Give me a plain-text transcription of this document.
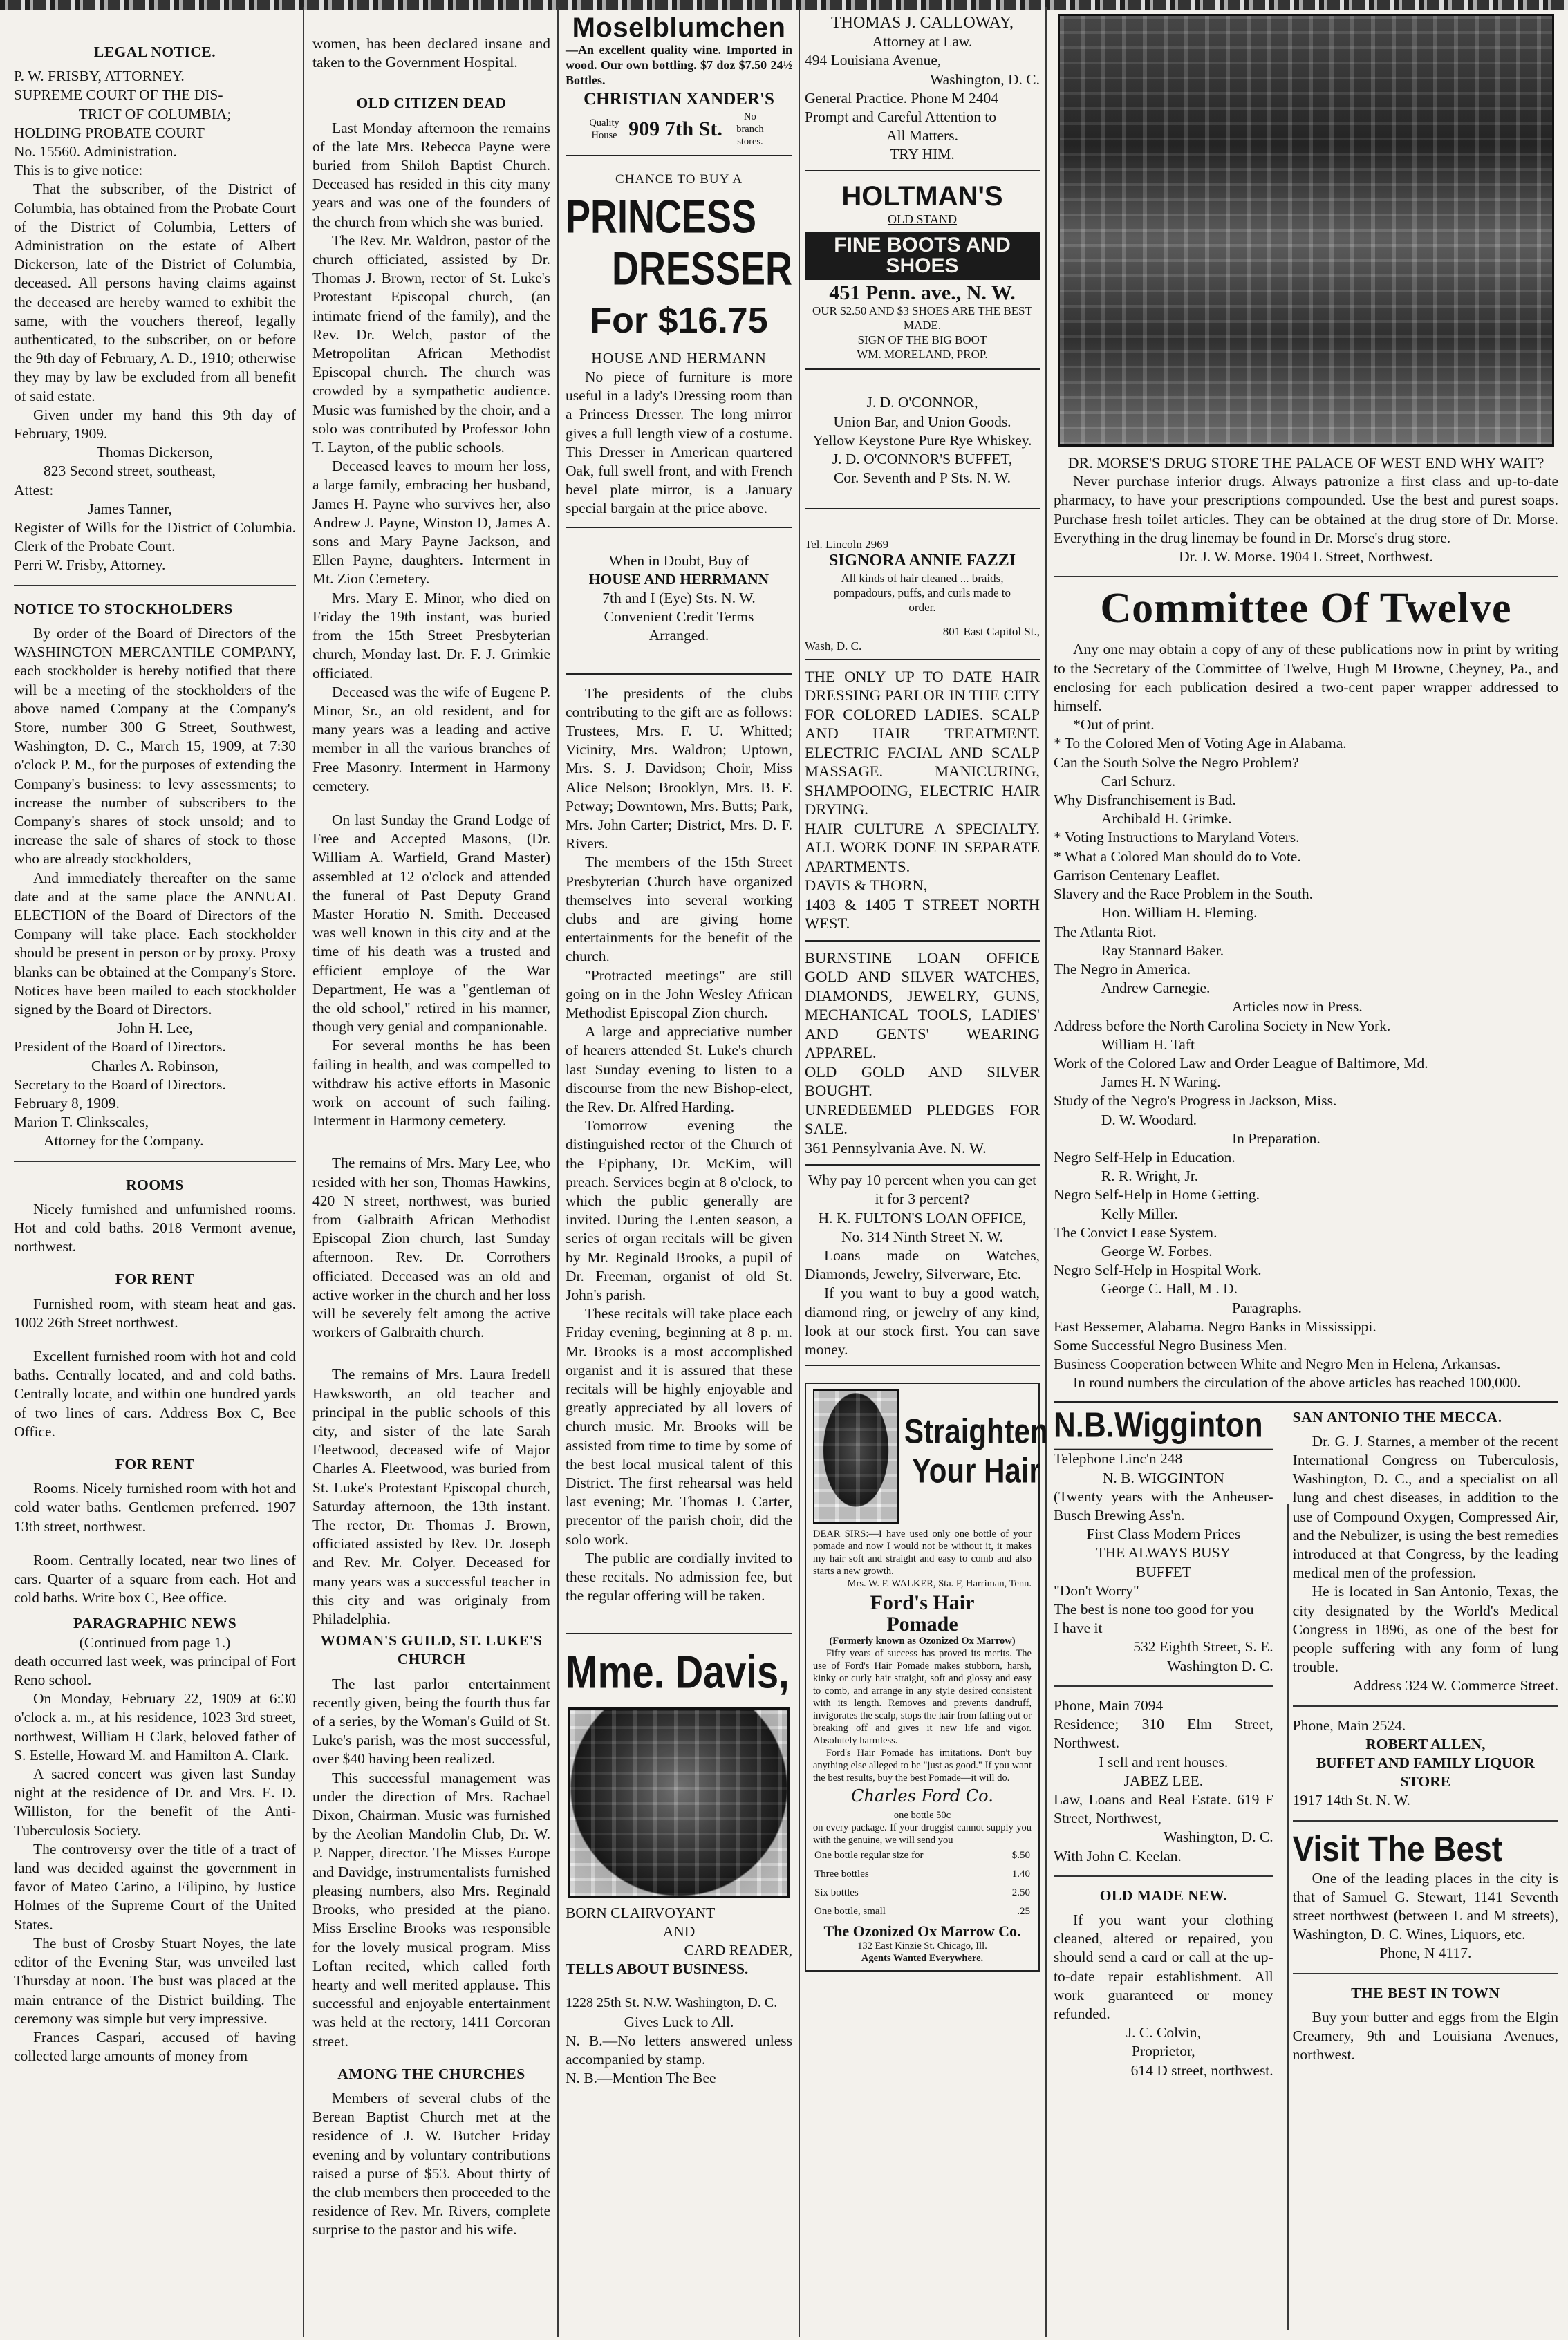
LEGAL NOTICE.

P. W. FRISBY, ATTORNEY.

SUPREME COURT OF THE DIS-

TRICT OF COLUMBIA;

HOLDING PROBATE COURT

No. 15560. Administration.

This is to give notice:

That the subscriber, of the District of Columbia, has obtained from the Probate Court of the District of Columbia, Letters of Administration on the estate of Albert Dickerson, late of the District of Columbia, deceased. All persons having claims against the deceased are hereby warned to exhibit the same, with the vouchers thereof, legally authenticated, to the subscriber, on or before the 9th day of February, A. D., 1910; otherwise they may by law be excluded from all benefit of said estate.

Given under my hand this 9th day of February, 1909.

Thomas Dickerson,

823 Second street, southeast,

Attest:

James Tanner,

Register of Wills for the District of Columbia. Clerk of the Probate Court.

Perri W. Frisby, Attorney.

NOTICE TO STOCKHOLDERS

By order of the Board of Directors of the WASHINGTON MERCANTILE COMPANY, each stockholder is hereby notified that there will be a meeting of the stockholders of the above named Company at the Company's Store, number 300 G Street, Southwest, Washington, D. C., March 15, 1909, at 7:30 o'clock P. M., for the purposes of extending the Company's business: to levy assessments; to increase the number of subscribers to the Company's shares of stock unsold; and to increase the sale of shares of stock to those who are already stockholders,

And immediately thereafter on the same date and at the same place the ANNUAL ELECTION of the Board of Directors of the Company will take place. Each stockholder should be present in person or by proxy. Proxy blanks can be obtained at the Company's Store. Notices have been mailed to each stockholder signed by the Board of Directors.

John H. Lee,

President of the Board of Directors.

Charles A. Robinson,

Secretary to the Board of Directors.

February 8, 1909.

Marion T. Clinkscales,

Attorney for the Company.

ROOMS

Nicely furnished and unfurnished rooms. Hot and cold baths. 2018 Vermont avenue, northwest.

FOR RENT

Furnished room, with steam heat and gas. 1002 26th Street northwest.

Excellent furnished room with hot and cold baths. Centrally located, and and cold baths. Centrally locate, and within one hundred yards of two lines of cars. Address Box C, Bee Office.

FOR RENT

Rooms. Nicely furnished room with hot and cold water baths. Gentlemen preferred. 1907 13th street, northwest.

Room. Centrally located, near two lines of cars. Quarter of a square from each. Hot and cold baths. Write box C, Bee office.

PARAGRAPHIC NEWS

(Continued from page 1.)

death occurred last week, was principal of Fort Reno school.

On Monday, February 22, 1909 at 6:30 o'clock a. m., at his residence, 1023 3rd street, northwest, William H Clark, beloved father of S. Estelle, Howard M. and Hamilton A. Clark.

A sacred concert was given last Sunday night at the residence of Dr. and Mrs. E. D. Williston, for the benefit of the Anti-Tuberculosis Society.

The controversy over the title of a tract of land was decided against the government in favor of Mateo Carino, a Filipino, by Justice Holmes of the Supreme Court of the United States.

The bust of Crosby Stuart Noyes, the late editor of the Evening Star, was unveiled last Thursday at noon. The bust was placed at the main entrance of the District building. The ceremony was simple but very impressive.

Frances Caspari, accused of having collected large amounts of money from

women, has been declared insane and taken to the Government Hospital.

OLD CITIZEN DEAD

Last Monday afternoon the remains of the late Mrs. Rebecca Payne were buried from Shiloh Baptist Church. Deceased has resided in this city many years and was one of the founders of the church from which she was buried.

The Rev. Mr. Waldron, pastor of the church officiated, assisted by Dr. Thomas J. Brown, rector of St. Luke's Protestant Episcopal church, (an intimate friend of the family), and the Rev. Dr. Welch, pastor of the Metropolitan African Methodist Episcopal church. The church was crowded by a sympathetic audience. Music was furnished by the choir, and a solo was contributed by Professor John T. Layton, of the public schools.

Deceased leaves to mourn her loss, a large family, embracing her husband, James H. Payne who survives her, also Andrew J. Payne, Winston D, James A. sons and Mary Payne Jackson, and Ellen Payne, daughters. Interment in Mt. Zion Cemetery.

Mrs. Mary E. Minor, who died on Friday the 19th instant, was buried from the 15th Street Presbyterian church, Monday last. Dr. F. J. Grimkie officiated.

Deceased was the wife of Eugene P. Minor, Sr., an old resident, and for many years was a leading and active member in all the various branches of Free Masonry. Interment in Harmony cemetery.

On last Sunday the Grand Lodge of Free and Accepted Masons, (Dr. William A. Warfield, Grand Master) assembled at 12 o'clock and attended the funeral of Past Deputy Grand Master Horatio N. Smith. Deceased was well known in this city and at the time of his death was a trusted and efficient employe of the War Department, He was a "gentleman of the old school," retired in his manner, though very genial and companionable.

For several months he has been failing in health, and was compelled to withdraw his active efforts in Masonic work on account of such failing. Interment in Harmony cemetery.

The remains of Mrs. Mary Lee, who resided with her son, Thomas Hawkins, 420 N street, northwest, was buried from Galbraith African Methodist Episcopal Zion church, last Sunday afternoon. Rev. Dr. Corrothers officiated. Deceased was an old and active worker in the church and her loss will be severely felt among the active workers of Galbraith church.

The remains of Mrs. Laura Iredell Hawksworth, an old teacher and principal in the public schools of this city, and sister of the late Sarah Fleetwood, deceased wife of Major Charles A. Fleetwood, was buried from St. Luke's Protestant Episcopal church, Saturday afternoon, the 13th instant. The rector, Dr. Thomas J. Brown, officiated assisted by Rev. Dr. Joseph and Rev. Mr. Colyer. Deceased for many years was a successful teacher in this city and was originaly from Philadelphia.

WOMAN'S GUILD, ST. LUKE'S CHURCH

The last parlor entertainment recently given, being the fourth thus far of a series, by the Woman's Guild of St. Luke's parish, was the most successful, over $40 having been realized.

This successful management was under the direction of Mrs. Rachael Dixon, Chairman. Music was furnished by the Aeolian Mandolin Club, Dr. W. P. Napper, director. The Misses Europe and Davidge, instrumentalists furnished pleasing numbers, also Mrs. Reginald Brooks, who presided at the piano. Miss Erseline Brooks was responsible for the lovely musical program. Miss Loftan recited, which called forth hearty and well merited applause. This successful and enjoyable entertainment was held at the rectory, 1411 Corcoran street.

AMONG THE CHURCHES

Members of several clubs of the Berean Baptist Church met at the residence of J. W. Butcher Friday evening and by voluntary contributions raised a purse of $53. About thirty of the club members then proceeded to the residence of Rev. Mr. Rivers, complete surprise to the pastor and his wife.

Moselblumchen

—An excellent quality wine. Imported in wood. Our own bottling. $7 doz $7.50 24½ Bottles.

CHRISTIAN XANDER'S
Quality House 909 7th St.
No branch stores.

CHANCE TO BUY A

PRINCESS
DRESSER
For $16.75

HOUSE AND HERMANN

No piece of furniture is more useful in a lady's Dressing room than a Princess Dresser. The long mirror gives a full length view of a costume. This Dresser in American quartered Oak, full swell front, and with French bevel plate mirror, is a January special bargain at the price above.

When in Doubt, Buy of

HOUSE AND HERRMANN

7th and I (Eye) Sts. N. W.

Convenient Credit Terms

Arranged.

The presidents of the clubs contributing to the gift are as follows: Trustees, Mrs. F. U. Whitted; Vicinity, Mrs. Waldron; Uptown, Mrs. S. J. Davidson; Choir, Miss Alice Nelson; Brooklyn, Mrs. B. F. Petway; Downtown, Mrs. Butts; Park, Mrs. John Carter; District, Mrs. D. F. Rivers.

The members of the 15th Street Presbyterian Church have organized themselves into several working clubs and are giving home entertainments for the benefit of the church.

"Protracted meetings" are still going on in the John Wesley African Methodist Episcopal Zion church.

A large and appreciative number of hearers attended St. Luke's church last Sunday evening to listen to a discourse from the new Bishop-elect, the Rev. Dr. Alfred Harding.

Tomorrow evening the distinguished rector of the Church of the Epiphany, Dr. McKim, will preach. Services begin at 8 o'clock, to which the public generally are invited. During the Lenten season, a series of organ recitals will be given by Mr. Reginald Brooks, a pupil of Dr. Freeman, organist of old St. John's parish.

These recitals will take place each Friday evening, beginning at 8 p. m. Mr. Brooks is a most accomplished organist and it is assured that these recitals will be highly enjoyable and greatly appreciated by all lovers of church music. Mr. Brooks will be assisted from time to time by some of the best local musical talent of this District. The first rehearsal was held last evening; Mr. Thomas J. Carter, precentor of the parish choir, did the solo work.

The public are cordially invited to these recitals. No admission fee, but the regular offering will be taken.

Mme. Davis,

BORN CLAIRVOYANT

AND

CARD READER,

TELLS ABOUT BUSINESS.

1228 25th St. N.W. Washington, D. C.

Gives Luck to All.

N. B.—No letters answered unless accompanied by stamp.

N. B.—Mention The Bee

THOMAS J. CALLOWAY,

Attorney at Law.

494 Louisiana Avenue,

Washington, D. C.

General Practice. Phone M 2404

Prompt and Careful Attention to

All Matters.

TRY HIM.

HOLTMAN'S

OLD STAND

FINE BOOTS AND SHOES
451 Penn. ave., N. W.

OUR $2.50 AND $3 SHOES ARE THE BEST MADE.

SIGN OF THE BIG BOOT

WM. MORELAND, PROP.

J. D. O'CONNOR,

Union Bar, and Union Goods.

Yellow Keystone Pure Rye Whiskey.

J. D. O'CONNOR'S BUFFET,

Cor. Seventh and P Sts. N. W.

Tel. Lincoln 2969

SIGNORA ANNIE FAZZI

All kinds of hair cleaned ... braids, pompadours, puffs, and curls made to order.

801 East Capitol St.,

Wash, D. C.

THE ONLY UP TO DATE HAIR DRESSING PARLOR IN THE CITY FOR COLORED LADIES. SCALP AND HAIR TREATMENT. ELECTRIC FACIAL AND SCALP MASSAGE. MANICURING, SHAMPOOING, ELECTRIC HAIR DRYING.

HAIR CULTURE A SPECIALTY. ALL WORK DONE IN SEPARATE APARTMENTS.

DAVIS & THORN,

1403 & 1405 T STREET NORTH WEST.

BURNSTINE LOAN OFFICE GOLD AND SILVER WATCHES, DIAMONDS, JEWELRY, GUNS, MECHANICAL TOOLS, LADIES' AND GENTS' WEARING APPAREL.

OLD GOLD AND SILVER BOUGHT.

UNREDEEMED PLEDGES FOR SALE.

361 Pennsylvania Ave. N. W.

Why pay 10 percent when you can get it for 3 percent?

H. K. FULTON'S LOAN OFFICE,

No. 314 Ninth Street N. W.

Loans made on Watches, Diamonds, Jewelry, Silverware, Etc.

If you want to buy a good watch, diamond ring, or jewelry of any kind, look at our stock first. You can save money.

Straighten
Your Hair

DEAR SIRS:—I have used only one bottle of your pomade and now I would not be without it, it makes my hair soft and straight and easy to comb and also starts a new growth.

Mrs. W. F. WALKER, Sta. F, Harriman, Tenn.

Ford's Hair
Pomade

(Formerly known as Ozonized Ox Marrow)

Fifty years of success has proved its merits. The use of Ford's Hair Pomade makes stubborn, harsh, kinky or curly hair straight, soft and glossy and easy to comb, and arrange in any style desired consistent with its length. Removes and prevents dandruff, invigorates the scalp, stops the hair from falling out or breaking off and gives it new life and vigor. Absolutely harmless.

Ford's Hair Pomade has imitations. Don't buy anything else alleged to be "just as good." If you want the best results, buy the best Pomade—it will do.

Charles Ford Co.

one bottle 50c

on every package. If your druggist cannot supply you with the genuine, we will send you

One bottle regular size for	$.50
Three bottles	1.40
Six bottles	2.50
One bottle, small	.25
The Ozonized Ox Marrow Co.

132 East Kinzie St. Chicago, Ill.

Agents Wanted Everywhere.

DR. MORSE'S DRUG STORE THE PALACE OF WEST END WHY WAIT?

Never purchase inferior drugs. Always patronize a first class and up-to-date pharmacy, to have your prescriptions compounded. Use the best and purest soaps. Purchase fresh toilet articles. They can be obtained at the drug store of Dr. Morse. Everything in the drug linemay be found in Dr. Morse's drug store.

Dr. J. W. Morse. 1904 L Street, Northwest.

Committee Of Twelve

Any one may obtain a copy of any of these publications now in print by writing to the Secretary of the Committee of Twelve, Hugh M Browne, Cheyney, Pa., and enclosing for each publication desired a two-cent paper wrapper addressed to himself.

*Out of print.

* To the Colored Men of Voting Age in Alabama.

Can the South Solve the Negro Problem?

Carl Schurz.

Why Disfranchisement is Bad.

Archibald H. Grimke.

* Voting Instructions to Maryland Voters.

* What a Colored Man should do to Vote.

Garrison Centenary Leaflet.

Slavery and the Race Problem in the South.

Hon. William H. Fleming.

The Atlanta Riot.

Ray Stannard Baker.

The Negro in America.

Andrew Carnegie.

Articles now in Press.

Address before the North Carolina Society in New York.

William H. Taft

Work of the Colored Law and Order League of Baltimore, Md.

James H. N Waring.

Study of the Negro's Progress in Jackson, Miss.

D. W. Woodard.

In Preparation.

Negro Self-Help in Education.

R. R. Wright, Jr.

Negro Self-Help in Home Getting.

Kelly Miller.

The Convict Lease System.

George W. Forbes.

Negro Self-Help in Hospital Work.

George C. Hall, M . D.

Paragraphs.

East Bessemer, Alabama. Negro Banks in Mississippi.

Some Successful Negro Business Men.

Business Cooperation between White and Negro Men in Helena, Arkansas.

In round numbers the circulation of the above articles has reached 100,000.

N.B.Wigginton

Telephone Linc'n 248

N. B. WIGGINTON

(Twenty years with the Anheuser-Busch Brewing Ass'n.

First Class Modern Prices

THE ALWAYS BUSY

BUFFET

"Don't Worry"

The best is none too good for you

I have it

532 Eighth Street, S. E.

Washington D. C.

Phone, Main 7094

Residence; 310 Elm Street, Northwest.

I sell and rent houses.

JABEZ LEE.

Law, Loans and Real Estate. 619 F Street, Northwest,

Washington, D. C.

With John C. Keelan.

OLD MADE NEW.

If you want your clothing cleaned, altered or repaired, you should send a card or call at the up-to-date repair establishment. All work guaranteed or money refunded.

J. C. Colvin,

Proprietor,

614 D street, northwest.

SAN ANTONIO THE MECCA.

Dr. G. J. Starnes, a member of the recent International Congress on Tuberculosis, Washington, D. C., and a specialist on all lung and chest diseases, in addition to the use of Compound Oxygen, Compressed Air, and the Nebulizer, is using the best remedies introduced at that Congress, by the leading medical men of the profession.

He is located in San Antonio, Texas, the city designated by the World's Medical Congress in 1896, as one of the best for people suffering with any form of lung trouble.

Address 324 W. Commerce Street.

Phone, Main 2524.

ROBERT ALLEN,

BUFFET AND FAMILY LIQUOR STORE

1917 14th St. N. W.

Visit The Best

One of the leading places in the city is that of Samuel G. Stewart, 1141 Seventh street northwest (between L and M streets), Washington, D. C. Wines, Liquors, etc.

Phone, N 4117.

THE BEST IN TOWN

Buy your butter and eggs from the Elgin Creamery, 9th and Louisiana Avenues, northwest.
